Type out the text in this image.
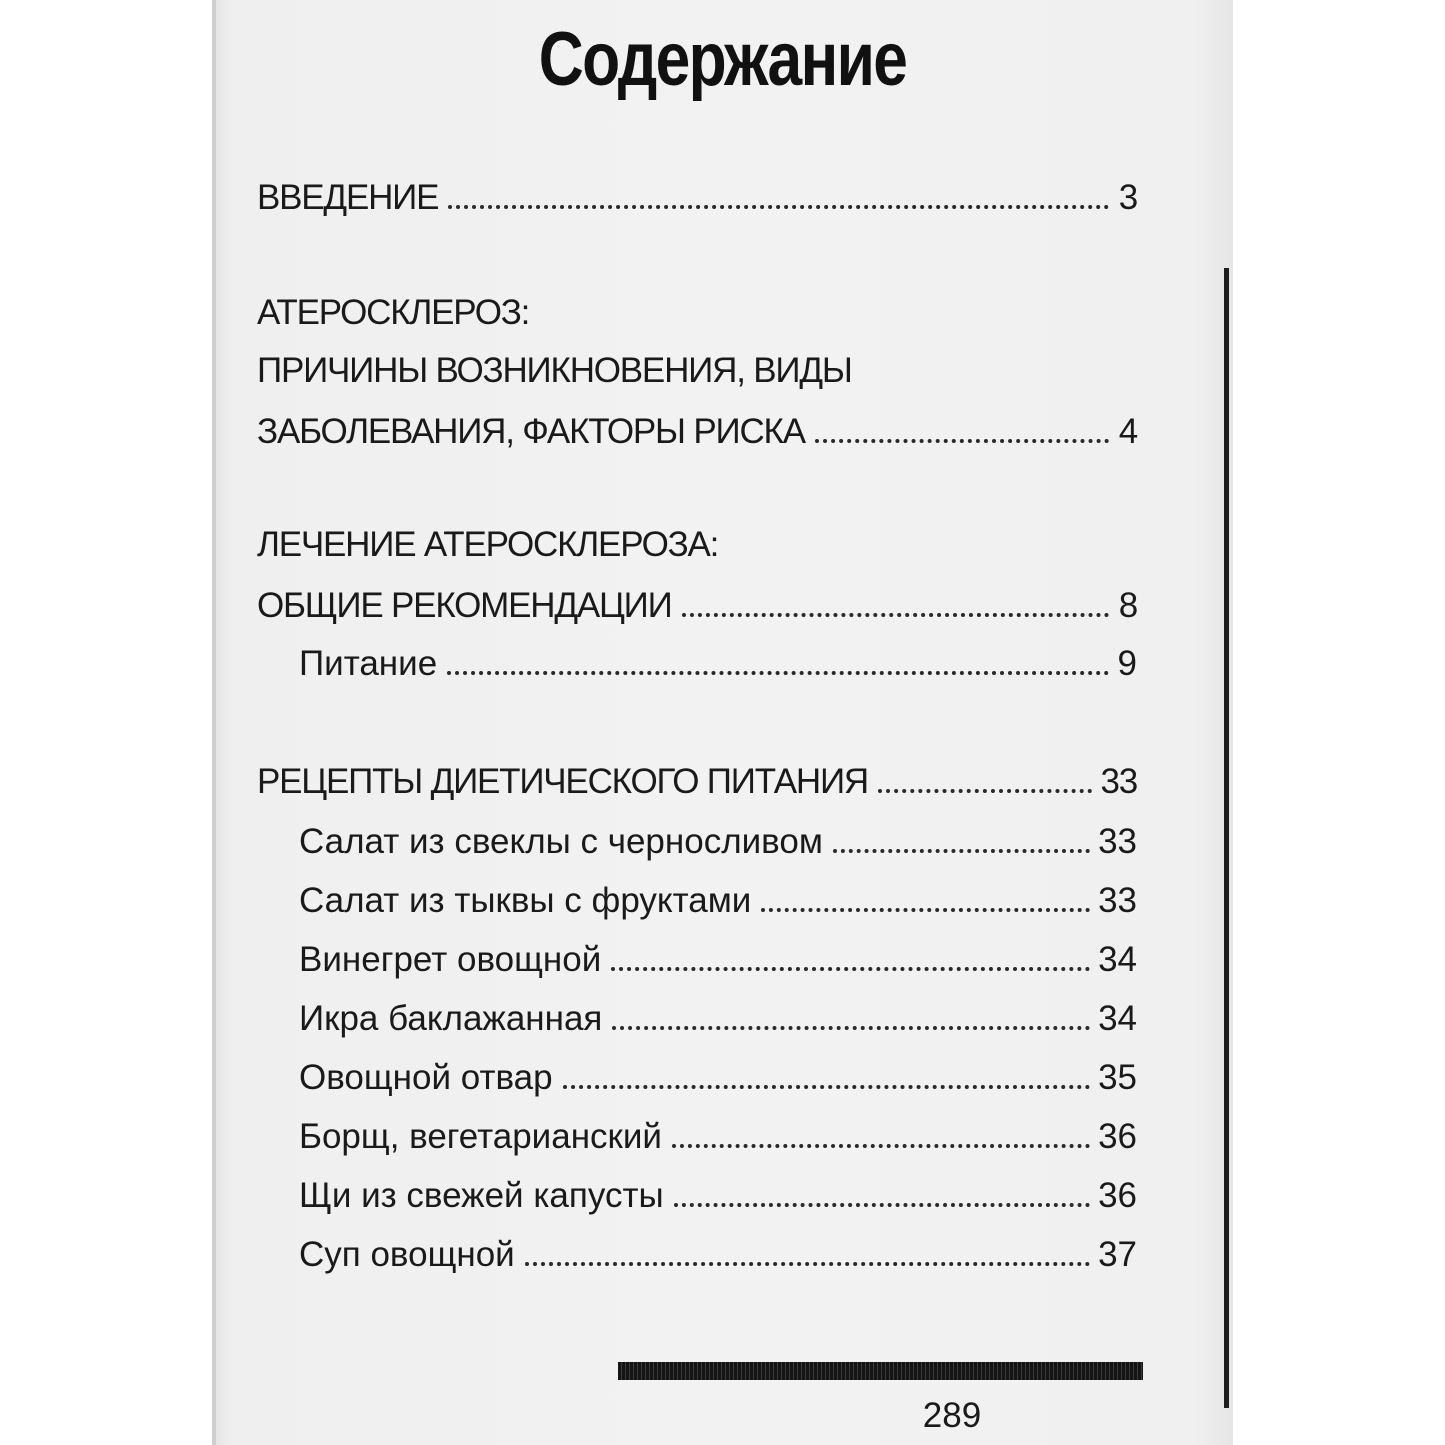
Содержание
ВВЕДЕНИЕ	3
АТЕРОСКЛЕРОЗ:
ПРИЧИНЫ ВОЗНИКНОВЕНИЯ, ВИДЫ
ЗАБОЛЕВАНИЯ, ФАКТОРЫ РИСКА	4
ЛЕЧЕНИЕ АТЕРОСКЛЕРОЗА:
ОБЩИЕ РЕКОМЕНДАЦИИ	8
Питание	9
РЕЦЕПТЫ ДИЕТИЧЕСКОГО ПИТАНИЯ	33
Салат из свеклы с черносливом	33
Салат из тыквы с фруктами	33
Винегрет овощной	34
Икра баклажанная	34
Овощной отвар	35
Борщ, вегетарианский	36
Щи из свежей капусты	36
Суп овощной	37
289
